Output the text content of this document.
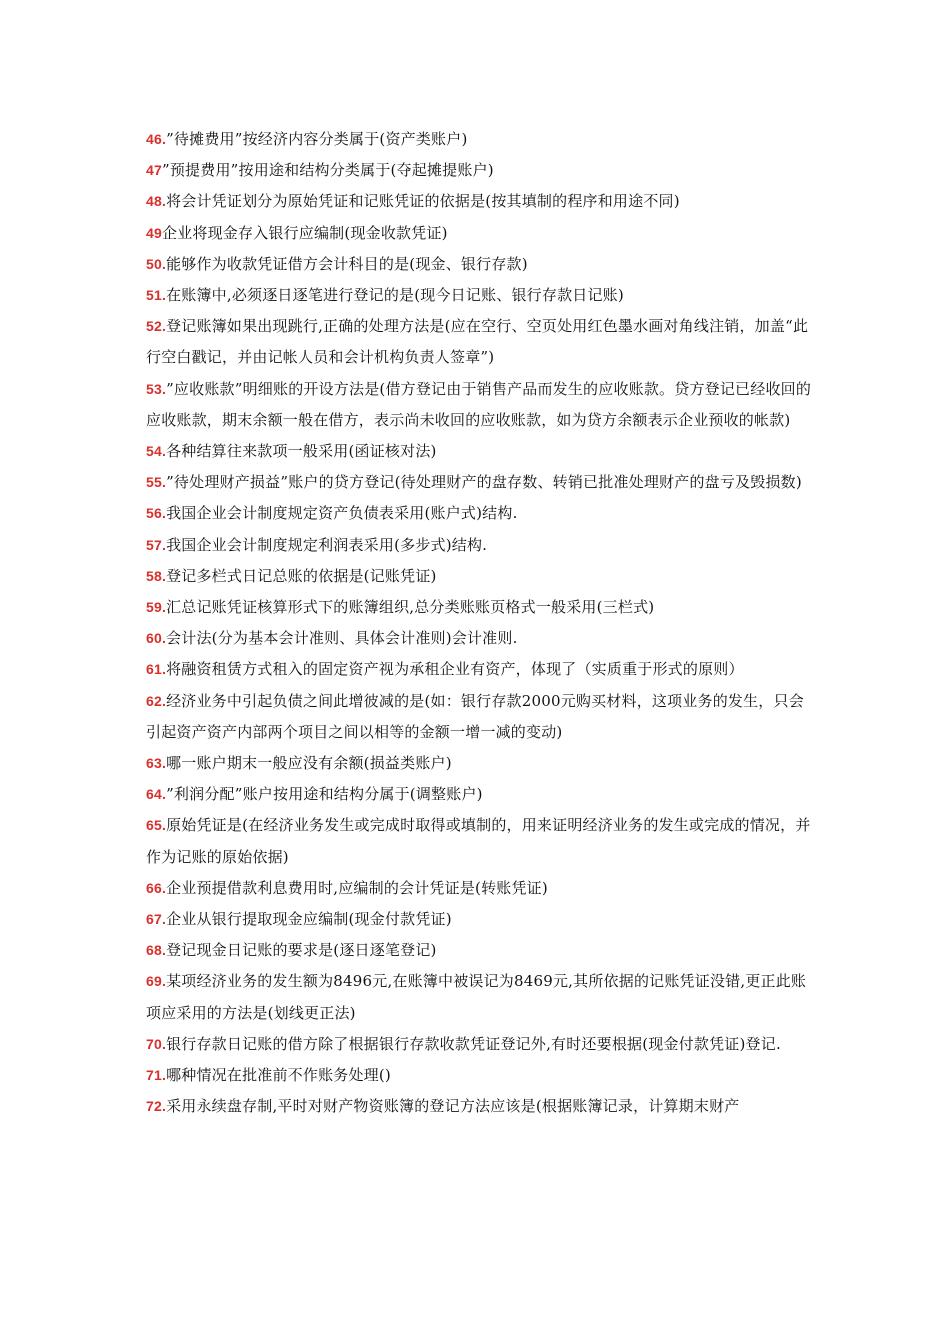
46.”待摊费用”按经济内容分类属于(资产类账户)
47”预提费用”按用途和结构分类属于(夺起摊提账户)
48.将会计凭证划分为原始凭证和记账凭证的依据是(按其填制的程序和用途不同)
49企业将现金存入银行应编制(现金收款凭证)
50.能够作为收款凭证借方会计科目的是(现金、银行存款)
51.在账簿中,必须逐日逐笔进行登记的是(现今日记账、银行存款日记账)
52.登记账簿如果出现跳行,正确的处理方法是(应在空行、空页处用红色墨水画对角线注销，加盖“此行空白戳记，并由记帐人员和会计机构负责人签章”)
53.”应收账款”明细账的开设方法是(借方登记由于销售产品而发生的应收账款。贷方登记已经收回的应收账款，期末余额一般在借方，表示尚未收回的应收账款，如为贷方余额表示企业预收的帐款)
54.各种结算往来款项一般采用(函证核对法)
55.”待处理财产损益”账户的贷方登记(待处理财产的盘存数、转销已批准处理财产的盘亏及毁损数)
56.我国企业会计制度规定资产负债表采用(账户式)结构.
57.我国企业会计制度规定利润表采用(多步式)结构.
58.登记多栏式日记总账的依据是(记账凭证)
59.汇总记账凭证核算形式下的账簿组织,总分类账账页格式一般采用(三栏式)
60.会计法(分为基本会计准则、具体会计准则)会计准则.
61.将融资租赁方式租入的固定资产视为承租企业有资产，体现了（实质重于形式的原则）
62.经济业务中引起负债之间此增彼减的是(如：银行存款2000元购买材料，这项业务的发生，只会引起资产资产内部两个项目之间以相等的金额一增一减的变动)
63.哪一账户期末一般应没有余额(损益类账户)
64.”利润分配”账户按用途和结构分属于(调整账户)
65.原始凭证是(在经济业务发生或完成时取得或填制的，用来证明经济业务的发生或完成的情况，并作为记账的原始依据)
66.企业预提借款利息费用时,应编制的会计凭证是(转账凭证)
67.企业从银行提取现金应编制(现金付款凭证)
68.登记现金日记账的要求是(逐日逐笔登记)
69.某项经济业务的发生额为8496元,在账簿中被误记为8469元,其所依据的记账凭证没错,更正此账项应采用的方法是(划线更正法)
70.银行存款日记账的借方除了根据银行存款收款凭证登记外,有时还要根据(现金付款凭证)登记.
71.哪种情况在批准前不作账务处理()
72.采用永续盘存制,平时对财产物资账簿的登记方法应该是(根据账簿记录，计算期末财产
